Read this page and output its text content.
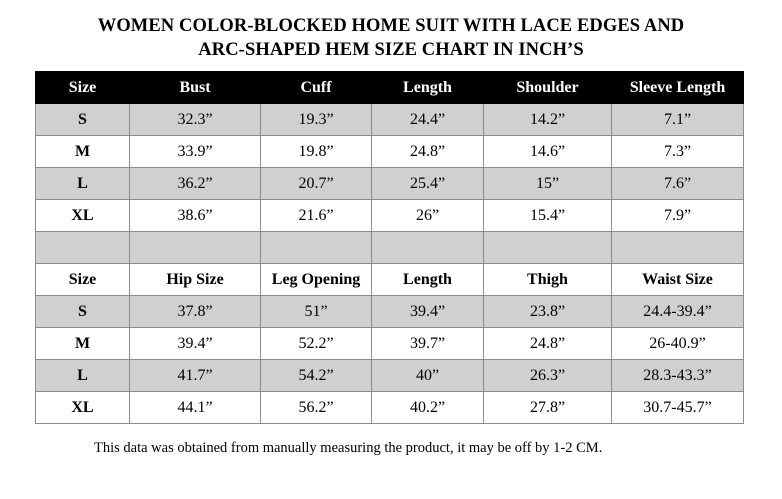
WOMEN COLOR-BLOCKED HOME SUIT WITH LACE EDGES AND
ARC-SHAPED HEM SIZE CHART IN INCH’S
Size	Bust	Cuff	Length	Shoulder	Sleeve Length
S	32.3”	19.3”	24.4”	14.2”	7.1”
M	33.9”	19.8”	24.8”	14.6”	7.3”
L	36.2”	20.7”	25.4”	15”	7.6”
XL	38.6”	21.6”	26”	15.4”	7.9”

Size	Hip Size	Leg Opening	Length	Thigh	Waist Size
S	37.8”	51”	39.4”	23.8”	24.4-39.4”
M	39.4”	52.2”	39.7”	24.8”	26-40.9”
L	41.7”	54.2”	40”	26.3”	28.3-43.3”
XL	44.1”	56.2”	40.2”	27.8”	30.7-45.7”
This data was obtained from manually measuring the product, it may be off by 1-2 CM.
